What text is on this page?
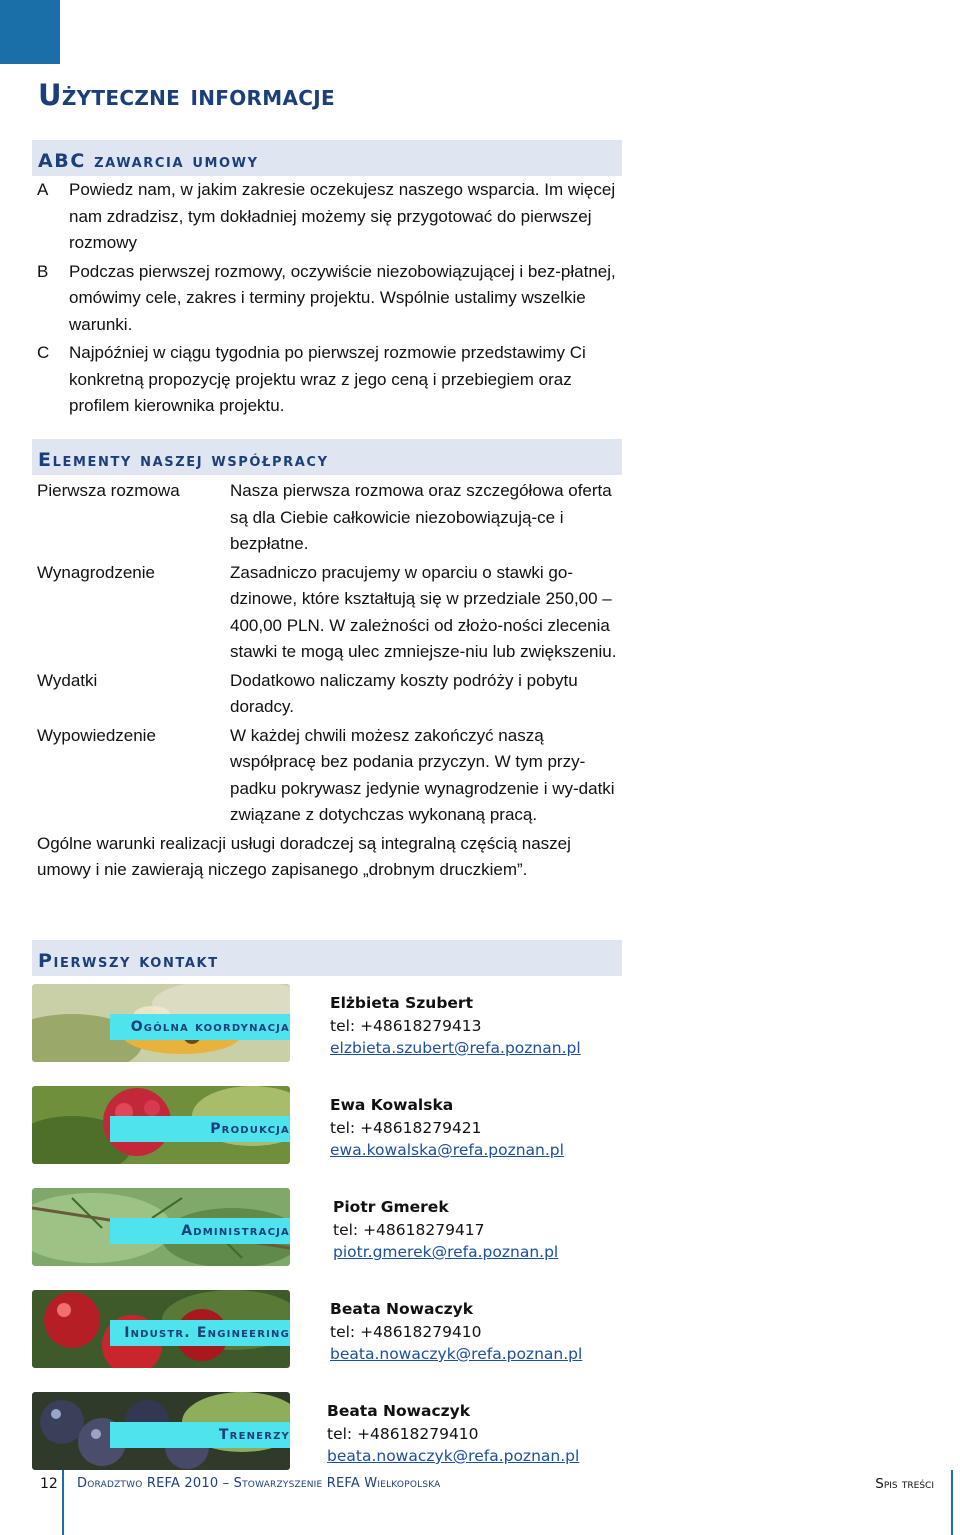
Użyteczne informacje
ABC zawarcia umowy
A	Powiedz nam, w jakim zakresie oczekujesz naszego wsparcia. Im więcej nam zdradzisz, tym dokładniej możemy się przygotować do pierwszej rozmowy
B	Podczas pierwszej rozmowy, oczywiście niezobowiązującej i bez-płatnej, omówimy cele, zakres i terminy projektu. Wspólnie ustalimy wszelkie warunki.
C	Najpóźniej w ciągu tygodnia po pierwszej rozmowie przedstawimy Ci konkretną propozycję projektu wraz z jego ceną i przebiegiem oraz profilem kierownika projektu.
Elementy naszej współpracy
Pierwsza rozmowa	Nasza pierwsza rozmowa oraz szczegółowa oferta są dla Ciebie całkowicie niezobowiązują-ce i bezpłatne.
Wynagrodzenie	Zasadniczo pracujemy w oparciu o stawki go-dzinowe, które kształtują się w przedziale 250,00 – 400,00 PLN. W zależności od złożo-ności zlecenia stawki te mogą ulec zmniejsze-niu lub zwiększeniu.
Wydatki	Dodatkowo naliczamy koszty podróży i pobytu doradcy.
Wypowiedzenie	W każdej chwili możesz zakończyć naszą współpracę bez podania przyczyn. W tym przy-padku pokrywasz jedynie wynagrodzenie i wy-datki związane z dotychczas wykonaną pracą.
Ogólne warunki realizacji usługi doradczej są integralną częścią naszej umowy i nie zawierają niczego zapisanego „drobnym druczkiem”.
Pierwszy kontakt
Ogólna koordynacja
Elżbieta Szubert
tel: +48618279413
elzbieta.szubert@refa.poznan.pl
Produkcja
Ewa Kowalska
tel: +48618279421
ewa.kowalska@refa.poznan.pl
Administracja
Piotr Gmerek
tel: +48618279417
piotr.gmerek@refa.poznan.pl
Industr. Engineering
Beata Nowaczyk
tel: +48618279410
beata.nowaczyk@refa.poznan.pl
Trenerzy
Beata Nowaczyk
tel: +48618279410
beata.nowaczyk@refa.poznan.pl
12 Doradztwo REFA 2010 – Stowarzyszenie REFA Wielkopolska	Spis treści
